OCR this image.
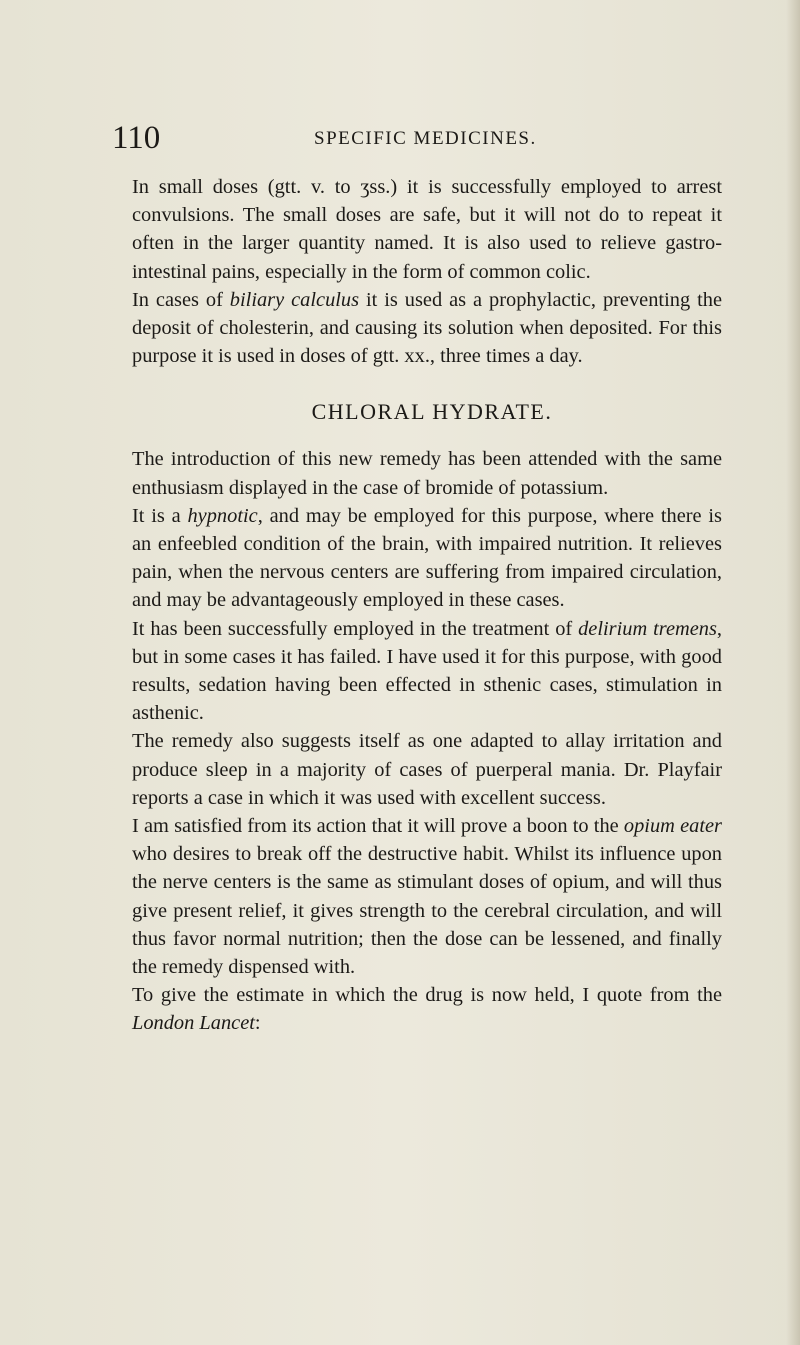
110	SPECIFIC MEDICINES.

In small doses (gtt. v. to ʒss.) it is successfully employed to arrest convulsions. The small doses are safe, but it will not do to repeat it often in the larger quantity named. It is also used to relieve gastro-intestinal pains, especially in the form of common colic.

In cases of biliary calculus it is used as a prophylactic, preventing the deposit of cholesterin, and causing its solution when deposited. For this purpose it is used in doses of gtt. xx., three times a day.

CHLORAL HYDRATE.

The introduction of this new remedy has been attended with the same enthusiasm displayed in the case of bromide of potassium.

It is a hypnotic, and may be employed for this purpose, where there is an enfeebled condition of the brain, with impaired nutrition. It relieves pain, when the nervous centers are suffering from impaired circulation, and may be advantageously employed in these cases.

It has been successfully employed in the treatment of delirium tremens, but in some cases it has failed. I have used it for this purpose, with good results, sedation having been effected in sthenic cases, stimulation in asthenic.

The remedy also suggests itself as one adapted to allay irritation and produce sleep in a majority of cases of puerperal mania. Dr. Playfair reports a case in which it was used with excellent success.

I am satisfied from its action that it will prove a boon to the opium eater who desires to break off the destructive habit. Whilst its influence upon the nerve centers is the same as stimulant doses of opium, and will thus give present relief, it gives strength to the cerebral circulation, and will thus favor normal nutrition; then the dose can be lessened, and finally the remedy dispensed with.

To give the estimate in which the drug is now held, I quote from the London Lancet:
